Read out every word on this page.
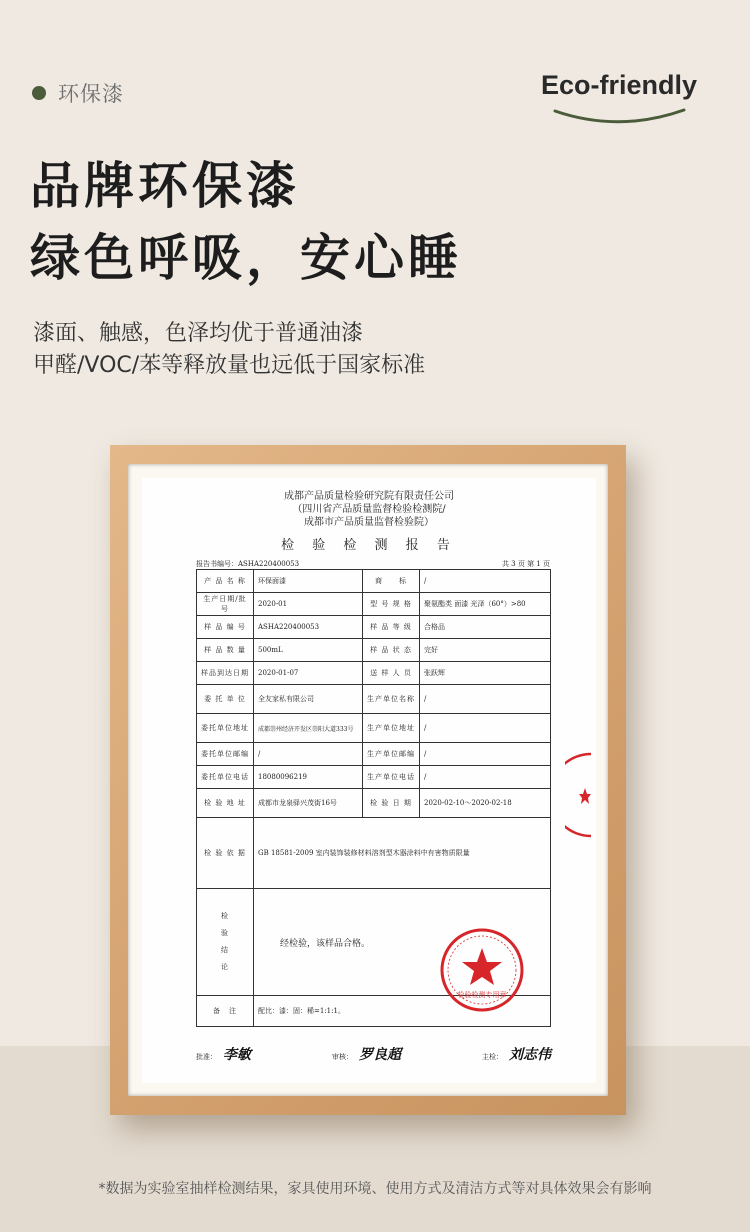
环保漆	Eco-friendly
品牌环保漆
绿色呼吸，安心睡
漆面、触感，色泽均优于普通油漆
甲醛/VOC/苯等释放量也远低于国家标准
成都产品质量检验研究院有限责任公司
（四川省产品质量监督检验检测院/
成都市产品质量监督检验院）
检 验 检 测 报 告
报告书编号：ASHA220400053	共 3 页 第 1 页
产 品 名 称	环保面漆	商　　标	/
生产日期/批号	2020-01	型 号 规 格	聚氨酯类 面漆 光泽（60°）>80
样 品 编 号	ASHA220400053	样 品 等 级	合格品
样 品 数 量	500mL	样 品 状 态	完好
样品到达日期	2020-01-07	送 样 人 员	张跃辉
委 托 单 位	全友家私有限公司	生产单位名称	/
委托单位地址	成都崇州经济开发区崇阳大道333号	生产单位地址	/
委托单位邮编	/	生产单位邮编	/
委托单位电话	18080096219	生产单位电话	/
检 验 地 址	成都市龙泉驿兴茂街16号	检 验 日 期	2020-02-10～2020-02-18
检 验 依 据	GB 18581-2009 室内装饰装修材料溶剂型木器涂料中有害物质限量		
检
验
结
论	经检验，该样品合格。		
备　注	配比：漆：固：稀=1:1:1。		
检验检测专用章
批准： 李敏	审核： 罗良超	主检： 刘志伟
*数据为实验室抽样检测结果，家具使用环境、使用方式及清洁方式等对具体效果会有影响
